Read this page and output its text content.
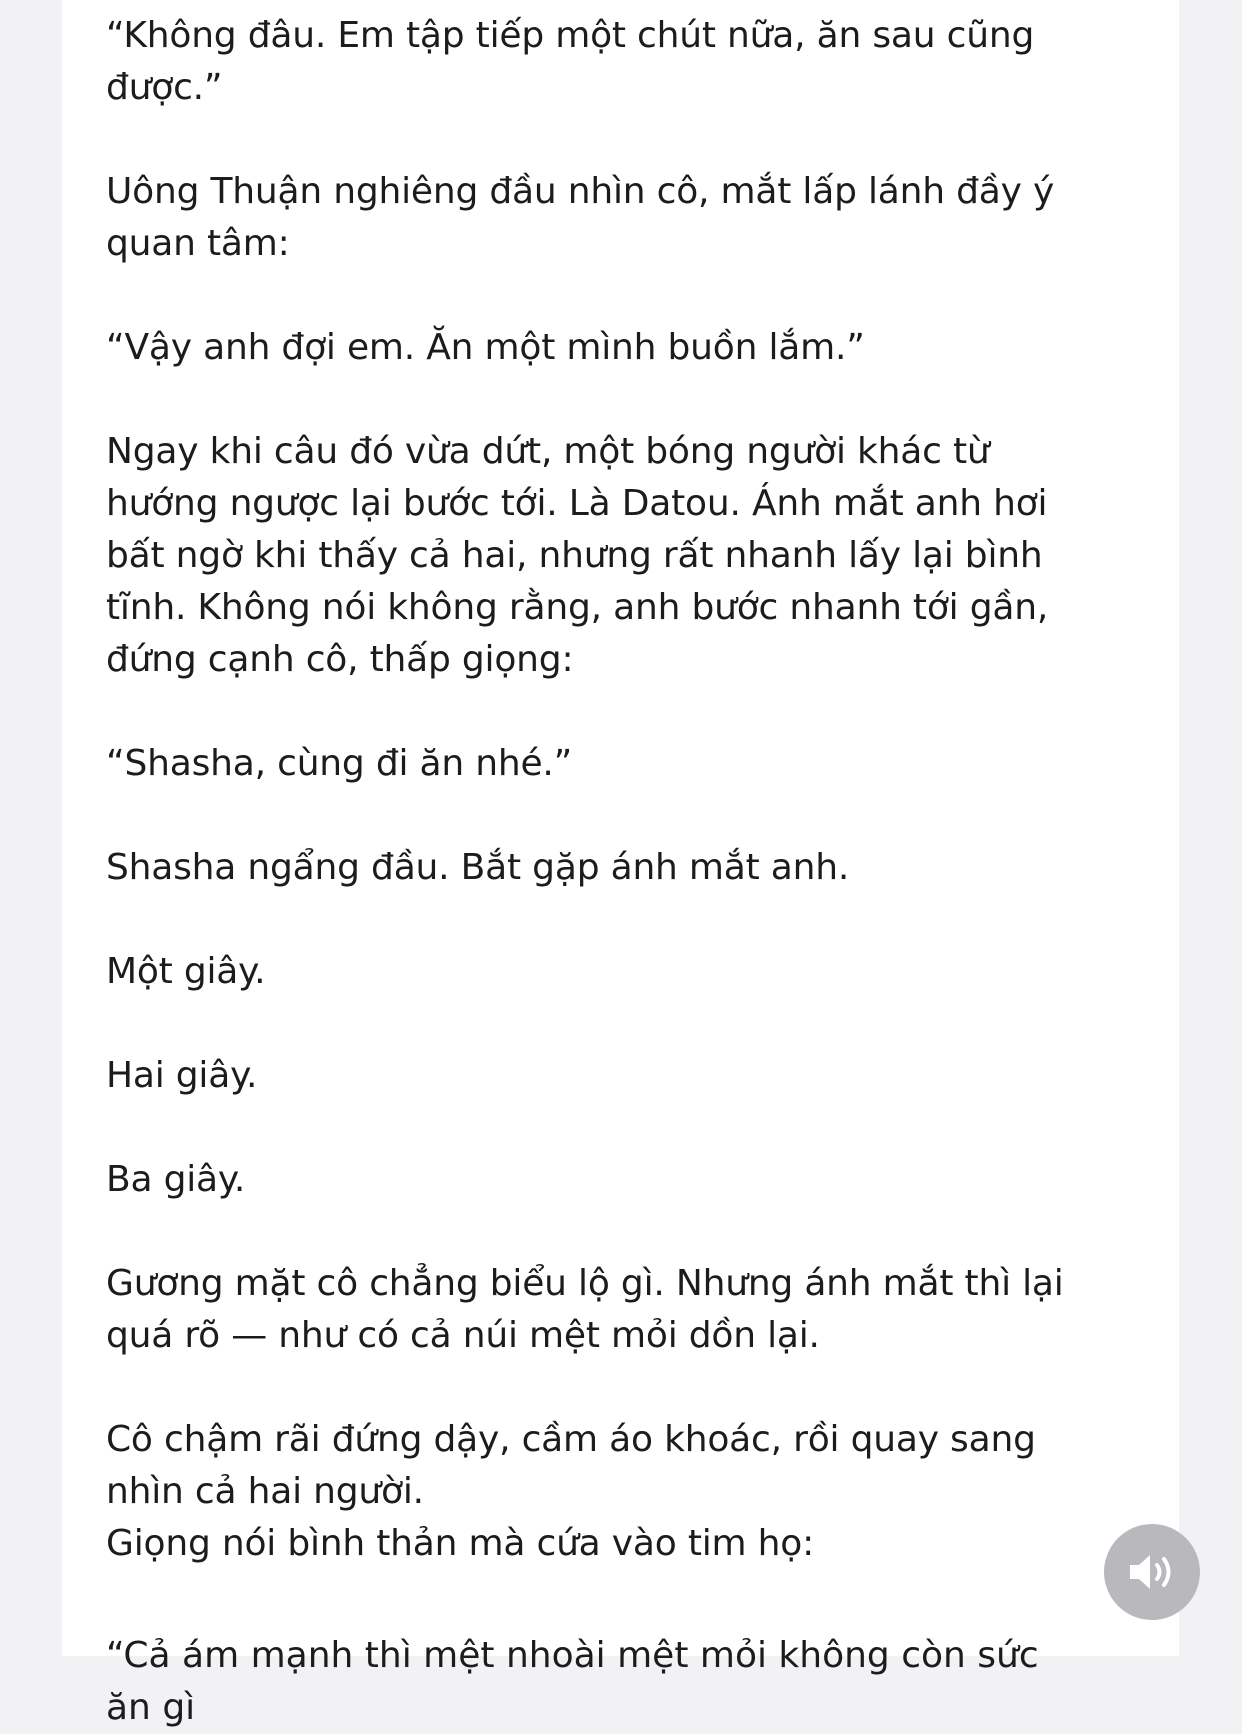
“Không đâu. Em tập tiếp một chút nữa, ăn sau cũng được.”

Uông Thuận nghiêng đầu nhìn cô, mắt lấp lánh đầy ý quan tâm:

“Vậy anh đợi em. Ăn một mình buồn lắm.”

Ngay khi câu đó vừa dứt, một bóng người khác từ hướng ngược lại bước tới. Là Datou. Ánh mắt anh hơi bất ngờ khi thấy cả hai, nhưng rất nhanh lấy lại bình tĩnh. Không nói không rằng, anh bước nhanh tới gần, đứng cạnh cô, thấp giọng:

“Shasha, cùng đi ăn nhé.”

Shasha ngẩng đầu. Bắt gặp ánh mắt anh.

Một giây.

Hai giây.

Ba giây.

Gương mặt cô chẳng biểu lộ gì. Nhưng ánh mắt thì lại quá rõ — như có cả núi mệt mỏi dồn lại.

Cô chậm rãi đứng dậy, cầm áo khoác, rồi quay sang nhìn cả hai người.

Giọng nói bình thản mà cứa vào tim họ:

“Cả ám mạnh thì mệt nhoài mệt mỏi không còn sức ăn gì
